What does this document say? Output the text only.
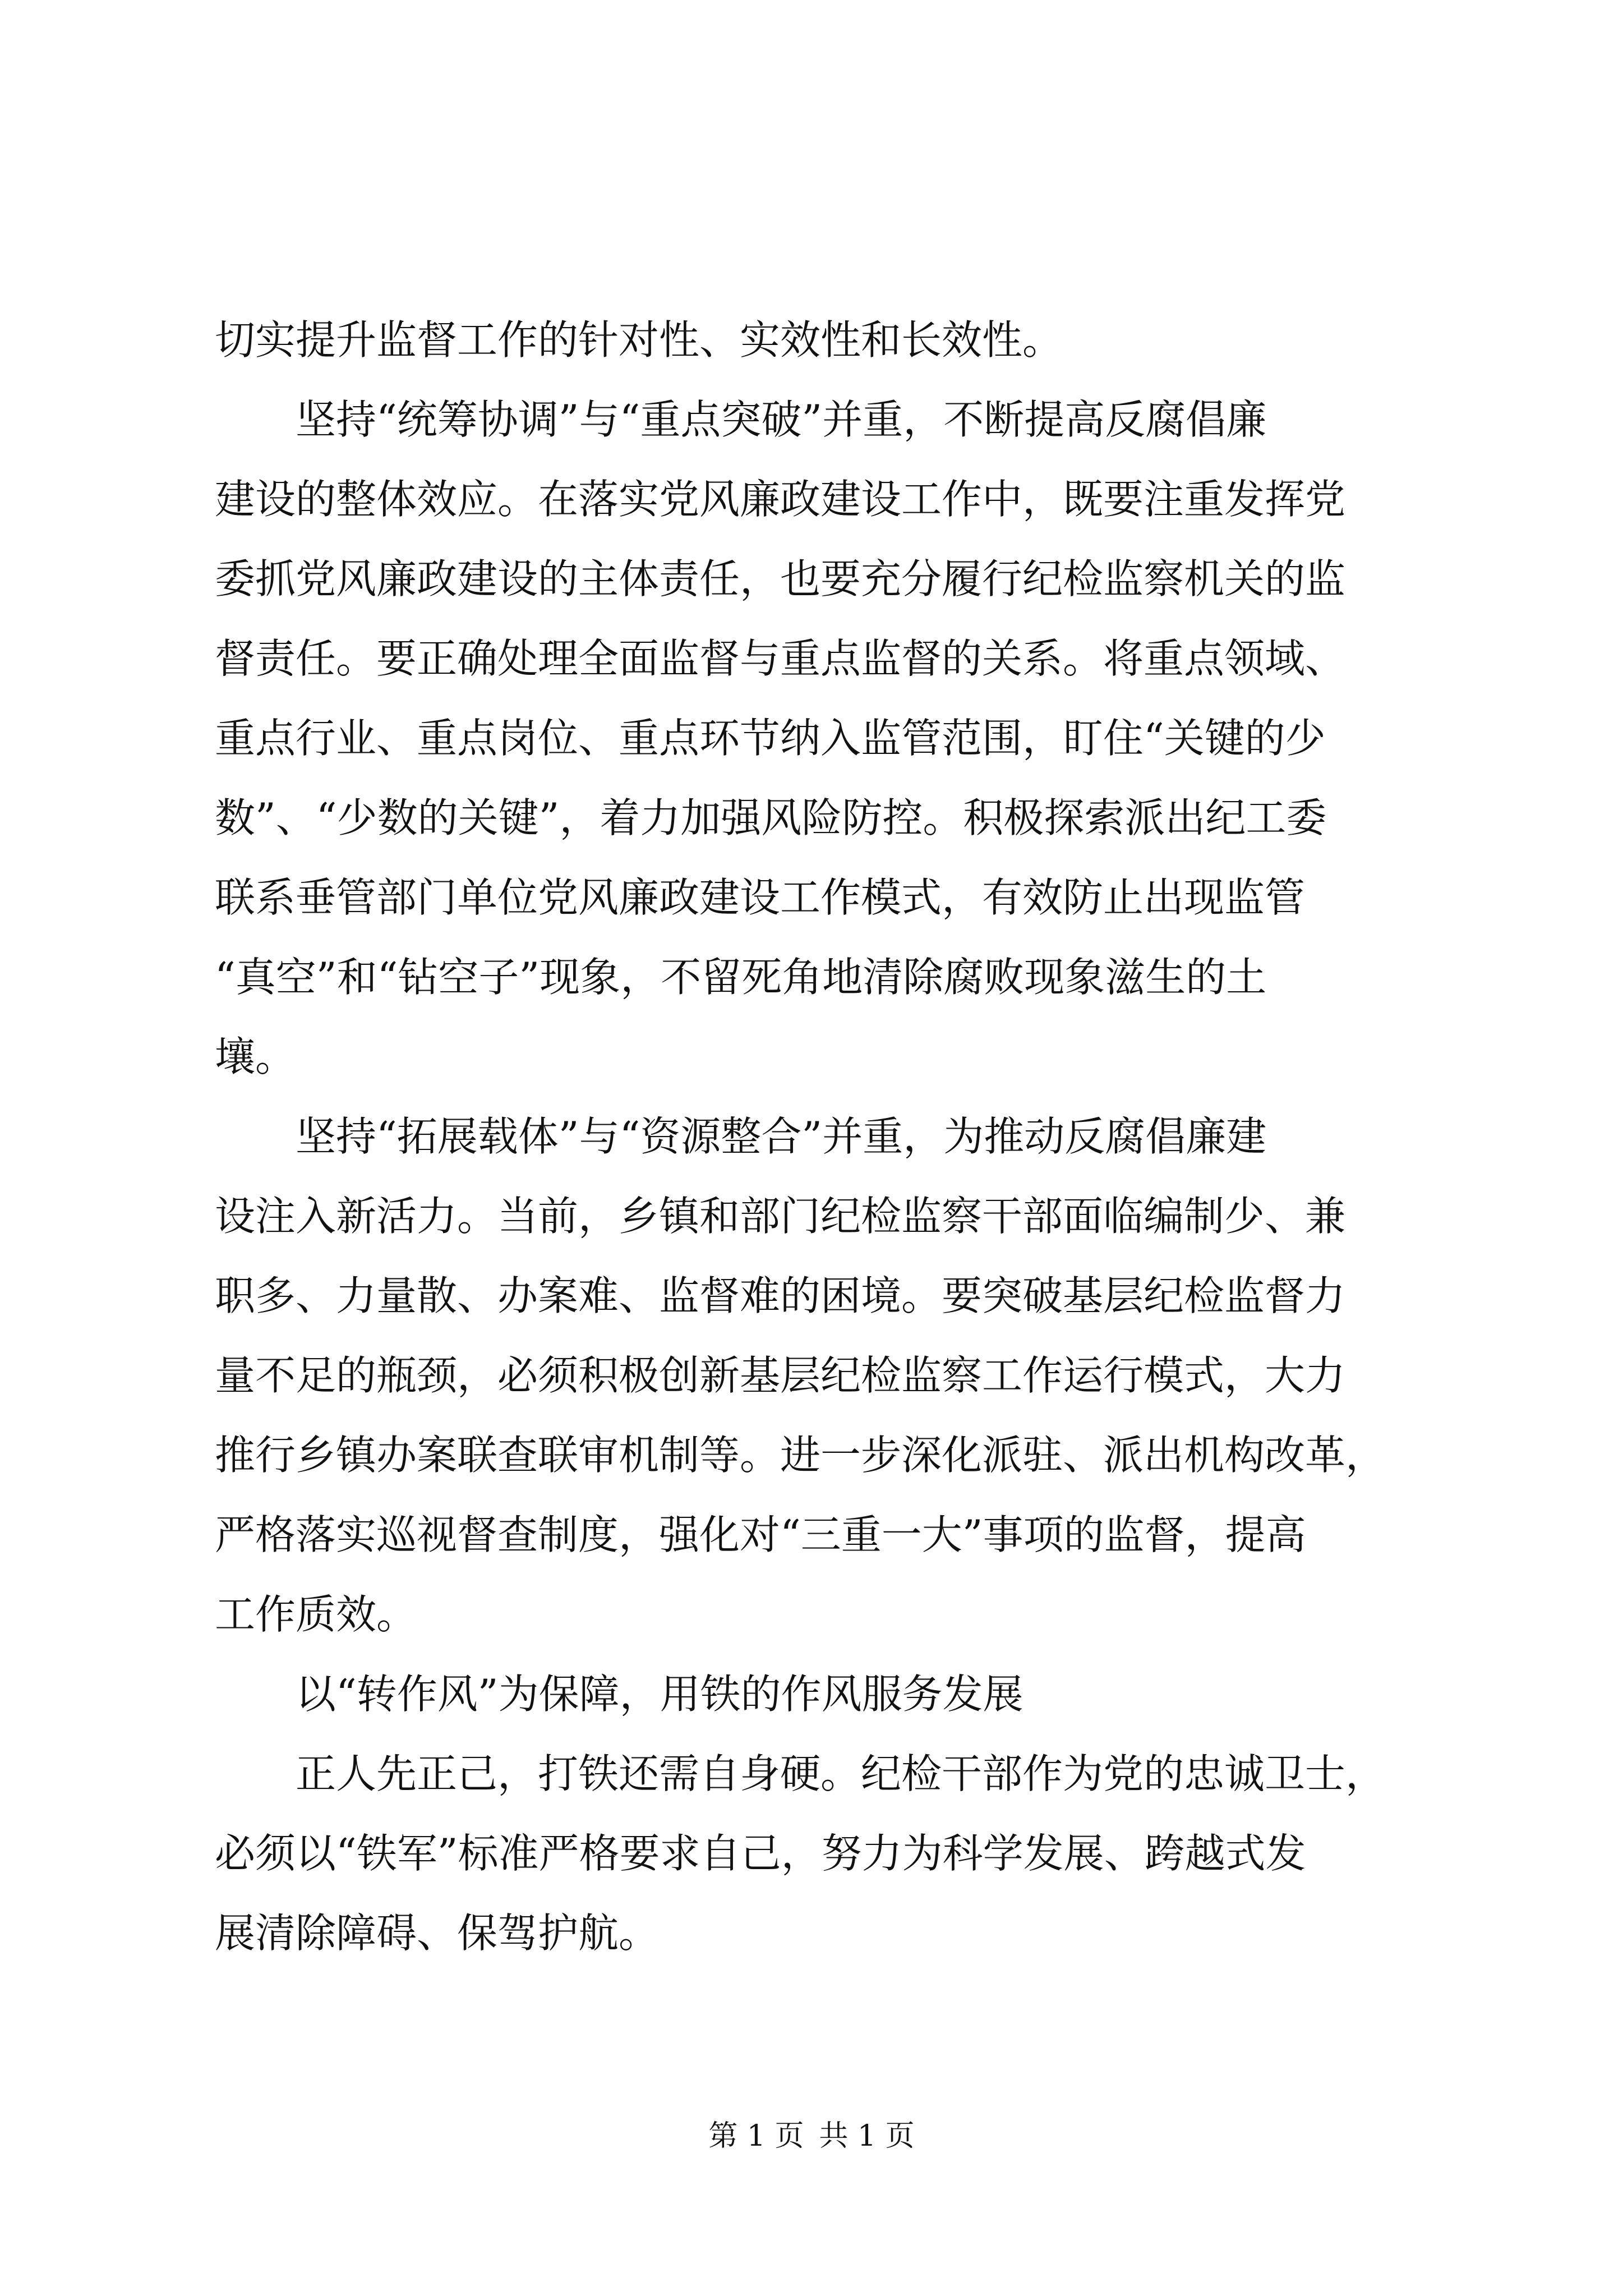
切实提升监督工作的针对性、实效性和长效性。
坚持“统筹协调”与“重点突破”并重，不断提高反腐倡廉
建设的整体效应。在落实党风廉政建设工作中，既要注重发挥党
委抓党风廉政建设的主体责任，也要充分履行纪检监察机关的监
督责任。要正确处理全面监督与重点监督的关系。将重点领域、
重点行业、重点岗位、重点环节纳入监管范围，盯住“关键的少
数”、“少数的关键”，着力加强风险防控。积极探索派出纪工委
联系垂管部门单位党风廉政建设工作模式，有效防止出现监管
“真空”和“钻空子”现象，不留死角地清除腐败现象滋生的土
壤。
坚持“拓展载体”与“资源整合”并重，为推动反腐倡廉建
设注入新活力。当前，乡镇和部门纪检监察干部面临编制少、兼
职多、力量散、办案难、监督难的困境。要突破基层纪检监督力
量不足的瓶颈，必须积极创新基层纪检监察工作运行模式，大力
推行乡镇办案联查联审机制等。进一步深化派驻、派出机构改革，
严格落实巡视督查制度，强化对“三重一大”事项的监督，提高
工作质效。
以“转作风”为保障，用铁的作风服务发展
正人先正己，打铁还需自身硬。纪检干部作为党的忠诚卫士，
必须以“铁军”标准严格要求自己，努力为科学发展、跨越式发
展清除障碍、保驾护航。
第 1 页 共 1 页
